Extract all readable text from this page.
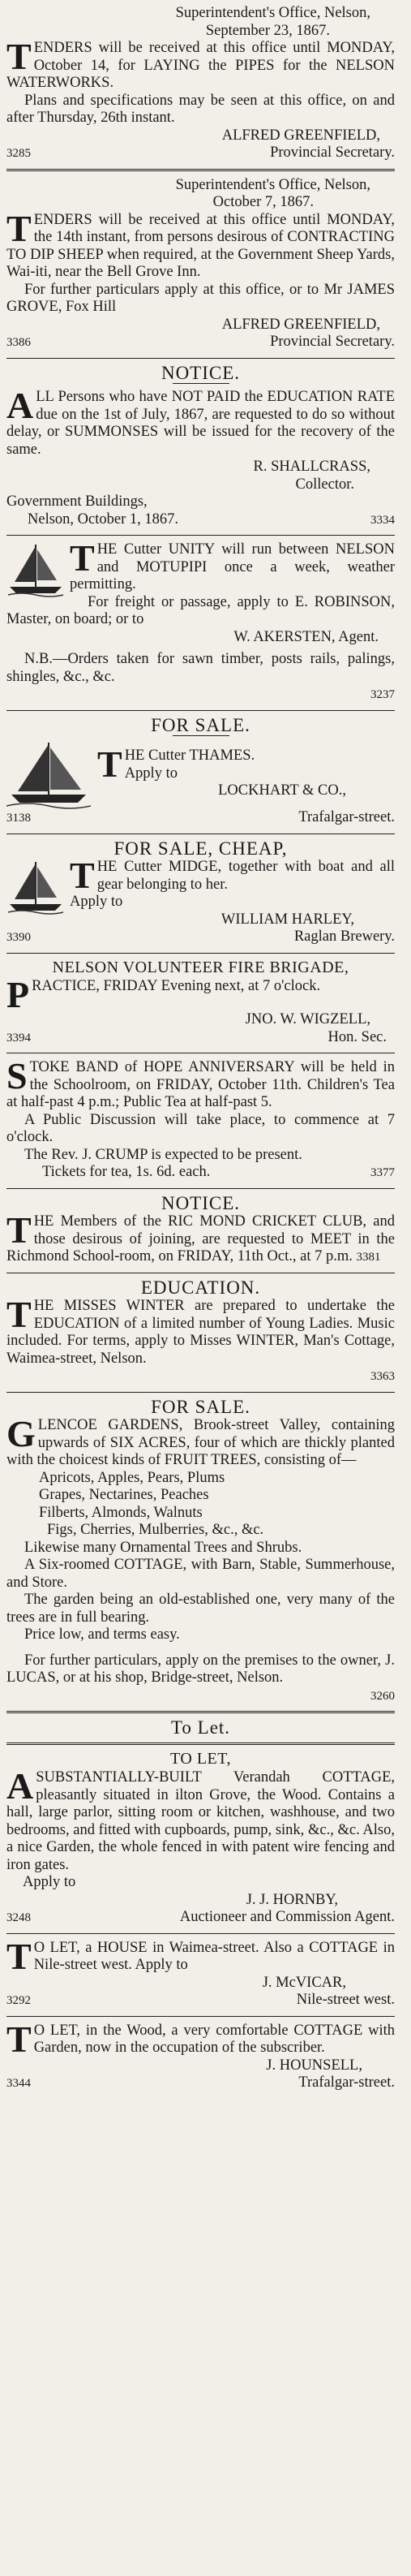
Superintendent's Office, Nelson,

September 23, 1867.

TENDERS will be received at this office until MONDAY, October 14, for LAYING the PIPES for the NELSON WATERWORKS.

Plans and specifications may be seen at this office, on and after Thursday, 26th instant.

ALFRED GREENFIELD,

3285	Provincial Secretary.

Superintendent's Office, Nelson,

October 7, 1867.

TENDERS will be received at this office until MONDAY, the 14th instant, from persons desirous of CONTRACTING TO DIP SHEEP when required, at the Government Sheep Yards, Wai-iti, near the Bell Grove Inn.

For further particulars apply at this office, or to Mr JAMES GROVE, Fox Hill

ALFRED GREENFIELD,

3386	Provincial Secretary.
NOTICE.

ALL Persons who have NOT PAID the EDUCATION RATE due on the 1st of July, 1867, are requested to do so without delay, or SUMMONSES will be issued for the recovery of the same.

R. SHALLCRASS,

Collector.

Government Buildings,

Nelson, October 1, 1867.	3334

THE Cutter UNITY will run between NELSON and MOTUPIPI once a week, weather permitting.

For freight or passage, apply to E. ROBINSON, Master, on board; or to

W. AKERSTEN, Agent.

N.B.—Orders taken for sawn timber, posts rails, palings, shingles, &c., &c.

3237
FOR SALE.

THE Cutter THAMES.

Apply to

LOCKHART & CO.,

3138	Trafalgar-street.
FOR SALE, CHEAP,

THE Cutter MIDGE, together with boat and all gear belonging to her.

Apply to

WILLIAM HARLEY,

3390	Raglan Brewery.
NELSON VOLUNTEER FIRE BRIGADE,

PRACTICE, FRIDAY Evening next, at 7 o'clock.

JNO. W. WIGZELL,

3394	Hon. Sec.

STOKE BAND of HOPE ANNIVERSARY will be held in the Schoolroom, on FRIDAY, October 11th. Children's Tea at half-past 4 p.m.; Public Tea at half-past 5.

A Public Discussion will take place, to commence at 7 o'clock.

The Rev. J. CRUMP is expected to be present.

Tickets for tea, 1s. 6d. each.	3377
NOTICE.

THE Members of the RIC MOND CRICKET CLUB, and those desirous of joining, are requested to MEET in the Richmond School-room, on FRIDAY, 11th Oct., at 7 p.m. 3381

EDUCATION.

THE MISSES WINTER are prepared to undertake the EDUCATION of a limited number of Young Ladies. Music included. For terms, apply to Misses WINTER, Man's Cottage, Waimea-street, Nelson.

3363
FOR SALE.

GLENCOE GARDENS, Brook-street Valley, containing upwards of SIX ACRES, four of which are thickly planted with the choicest kinds of FRUIT TREES, consisting of—

Apricots, Apples, Pears, Plums

Grapes, Nectarines, Peaches

Filberts, Almonds, Walnuts

Figs, Cherries, Mulberries, &c., &c.

Likewise many Ornamental Trees and Shrubs.

A Six-roomed COTTAGE, with Barn, Stable, Summerhouse, and Store.

The garden being an old-established one, very many of the trees are in full bearing.

Price low, and terms easy.

For further particulars, apply on the premises to the owner, J. LUCAS, or at his shop, Bridge-street, Nelson.

3260
To Let.
TO LET,

ASUBSTANTIALLY-BUILT Verandah COTTAGE, pleasantly situated in ilton Grove, the Wood. Contains a hall, large parlor, sitting room or kitchen, washhouse, and two bedrooms, and fitted with cupboards, pump, sink, &c., &c. Also, a nice Garden, the whole fenced in with patent wire fencing and iron gates.

Apply to

J. J. HORNBY,

3248	Auctioneer and Commission Agent.

T O LET, a HOUSE in Waimea-street. Also a COTTAGE in Nile-street west. Apply to

J. McVICAR,

3292	Nile-street west.

T O LET, in the Wood, a very comfortable COTTAGE with Garden, now in the occupation of the subscriber.

J. HOUNSELL,

3344	Trafalgar-street.
